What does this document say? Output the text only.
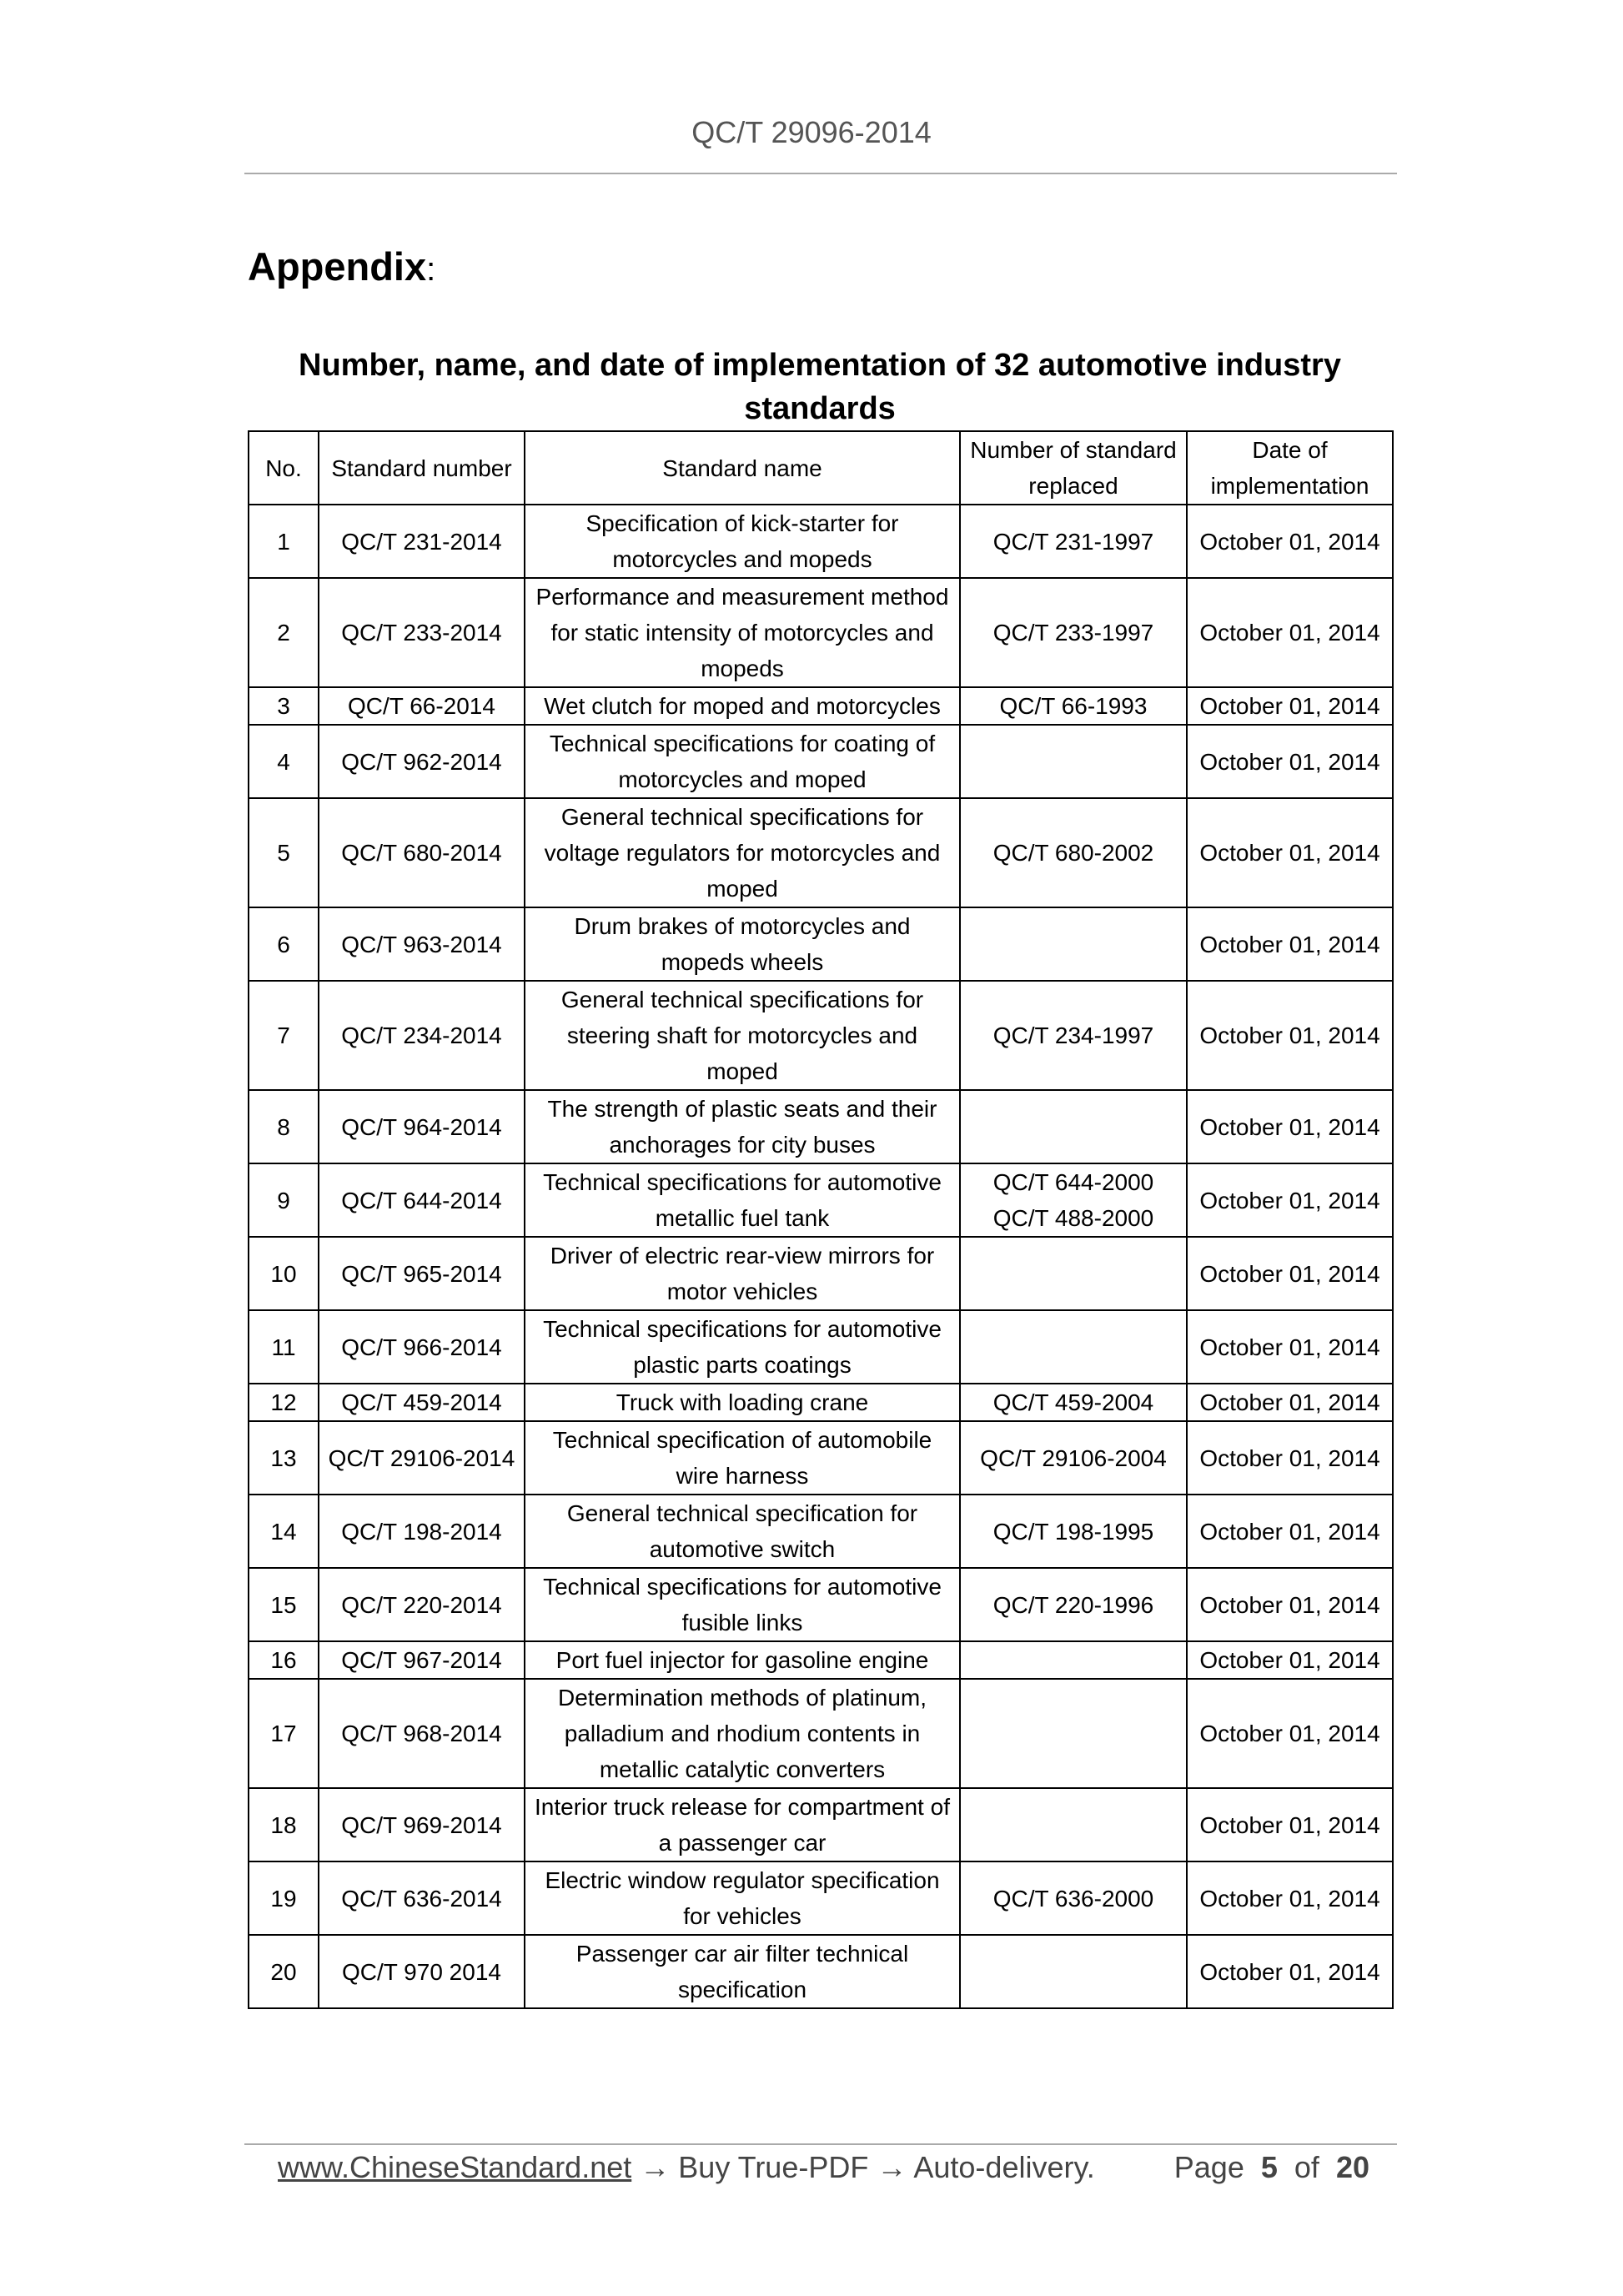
QC/T 29096-2014
Appendix:
Number, name, and date of implementation of 32 automotive industry standards
No.	Standard number	Standard name	Number of standard replaced	Date of implementation
1	QC/T 231-2014	Specification of kick-starter for motorcycles and mopeds	QC/T 231-1997	October 01, 2014
2	QC/T 233-2014	Performance and measurement method for static intensity of motorcycles and mopeds	QC/T 233-1997	October 01, 2014
3	QC/T 66-2014	Wet clutch for moped and motorcycles	QC/T 66-1993	October 01, 2014
4	QC/T 962-2014	Technical specifications for coating of motorcycles and moped		October 01, 2014
5	QC/T 680-2014	General technical specifications for voltage regulators for motorcycles and moped	QC/T 680-2002	October 01, 2014
6	QC/T 963-2014	Drum brakes of motorcycles and mopeds wheels		October 01, 2014
7	QC/T 234-2014	General technical specifications for steering shaft for motorcycles and moped	QC/T 234-1997	October 01, 2014
8	QC/T 964-2014	The strength of plastic seats and their anchorages for city buses		October 01, 2014
9	QC/T 644-2014	Technical specifications for automotive metallic fuel tank	QC/T 644-2000 QC/T 488-2000	October 01, 2014
10	QC/T 965-2014	Driver of electric rear-view mirrors for motor vehicles		October 01, 2014
11	QC/T 966-2014	Technical specifications for automotive plastic parts coatings		October 01, 2014
12	QC/T 459-2014	Truck with loading crane	QC/T 459-2004	October 01, 2014
13	QC/T 29106-2014	Technical specification of automobile wire harness	QC/T 29106-2004	October 01, 2014
14	QC/T 198-2014	General technical specification for automotive switch	QC/T 198-1995	October 01, 2014
15	QC/T 220-2014	Technical specifications for automotive fusible links	QC/T 220-1996	October 01, 2014
16	QC/T 967-2014	Port fuel injector for gasoline engine		October 01, 2014
17	QC/T 968-2014	Determination methods of platinum, palladium and rhodium contents in metallic catalytic converters		October 01, 2014
18	QC/T 969-2014	Interior truck release for compartment of a passenger car		October 01, 2014
19	QC/T 636-2014	Electric window regulator specification for vehicles	QC/T 636-2000	October 01, 2014
20	QC/T 970 2014	Passenger car air filter technical specification		October 01, 2014
www.ChineseStandard.net → Buy True-PDF → Auto-delivery.	Page 5 of 20
